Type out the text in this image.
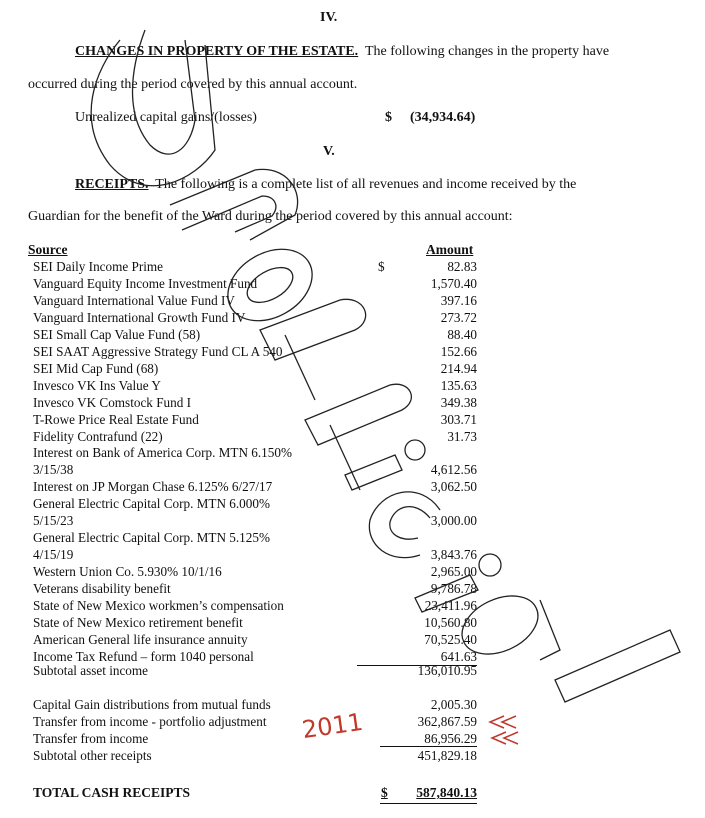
IV.
CHANGES IN PROPERTY OF THE ESTATE. The following changes in the property have
occurred during the period covered by this annual account.
Unrealized capital gains/(losses)	$ (34,934.64)
V.
RECEIPTS. The following is a complete list of all revenues and income received by the
Guardian for the benefit of the Ward during the period covered by this annual account:
Source	Amount
$
SEI Daily Income Prime	82.83
Vanguard Equity Income Investment Fund	1,570.40
Vanguard International Value Fund IV	397.16
Vanguard International Growth Fund IV	273.72
SEI Small Cap Value Fund (58)	88.40
SEI SAAT Aggressive Strategy Fund CL A 540	152.66
SEI Mid Cap Fund (68)	214.94
Invesco VK Ins Value Y	135.63
Invesco VK Comstock Fund I	349.38
T-Rowe Price Real Estate Fund	303.71
Fidelity Contrafund (22)	31.73
Interest on Bank of America Corp. MTN 6.150%
3/15/38	4,612.56
Interest on JP Morgan Chase 6.125% 6/27/17	3,062.50
General Electric Capital Corp. MTN 6.000%
5/15/23	3,000.00
General Electric Capital Corp. MTN 5.125%
4/15/19	3,843.76
Western Union Co. 5.930% 10/1/16	2,965.00
Veterans disability benefit	9,786.78
State of New Mexico workmen’s compensation	23,411.96
State of New Mexico retirement benefit	10,560.80
American General life insurance annuity	70,525.40
Income Tax Refund – form 1040 personal	641.63
Subtotal asset income	136,010.95
Capital Gain distributions from mutual funds	2,005.30
Transfer from income - portfolio adjustment	362,867.59
Transfer from income	86,956.29
Subtotal other receipts	451,829.18
TOTAL CASH RECEIPTS	$	587,840.13
2011
